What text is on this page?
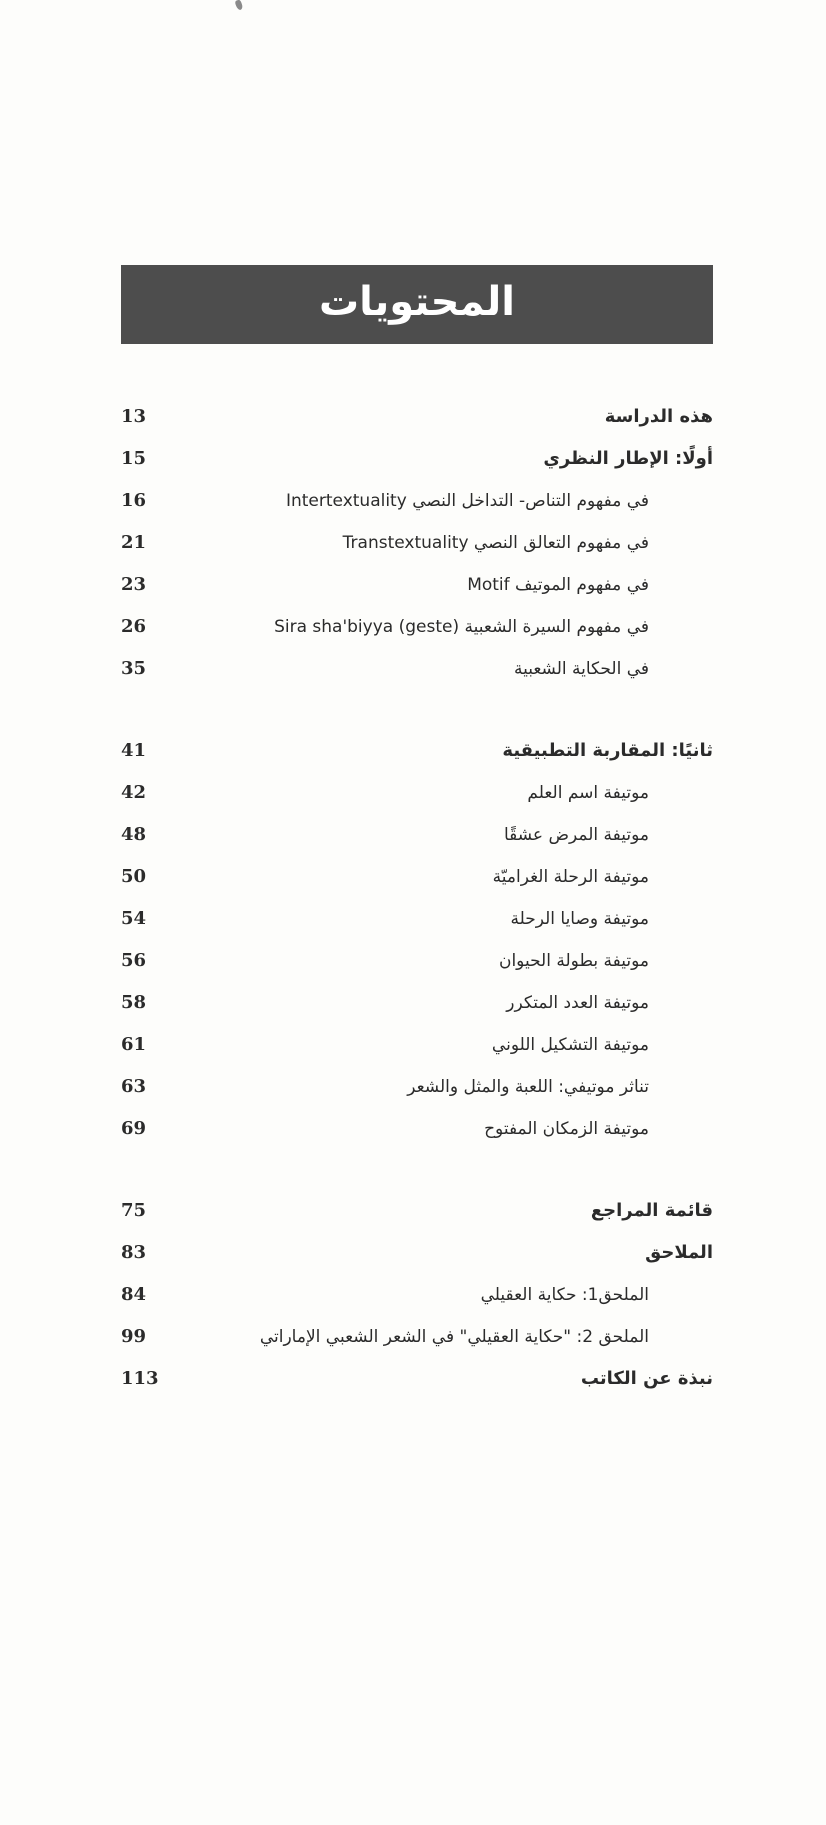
المحتويات
هذه الدراسة
13
أولًا: الإطار النظري
15
في مفهوم التناص- التداخل النصي Intertextuality
16
في مفهوم التعالق النصي Transtextuality
21
في مفهوم الموتيف Motif
23
في مفهوم السيرة الشعبية (Sira sha'biyya (geste
26
في الحكاية الشعبية
35
ثانيًا: المقاربة التطبيقية
41
موتيفة اسم العلم
42
موتيفة المرض عشقًا
48
موتيفة الرحلة الغراميّة
50
موتيفة وصايا الرحلة
54
موتيفة بطولة الحيوان
56
موتيفة العدد المتكرر
58
موتيفة التشكيل اللوني
61
تناثر موتيفي: اللعبة والمثل والشعر
63
موتيفة الزمكان المفتوح
69
قائمة المراجع
75
الملاحق
83
الملحق1: حكاية العقيلي
84
الملحق 2: "حكاية العقيلي" في الشعر الشعبي الإماراتي
99
نبذة عن الكاتب
113
